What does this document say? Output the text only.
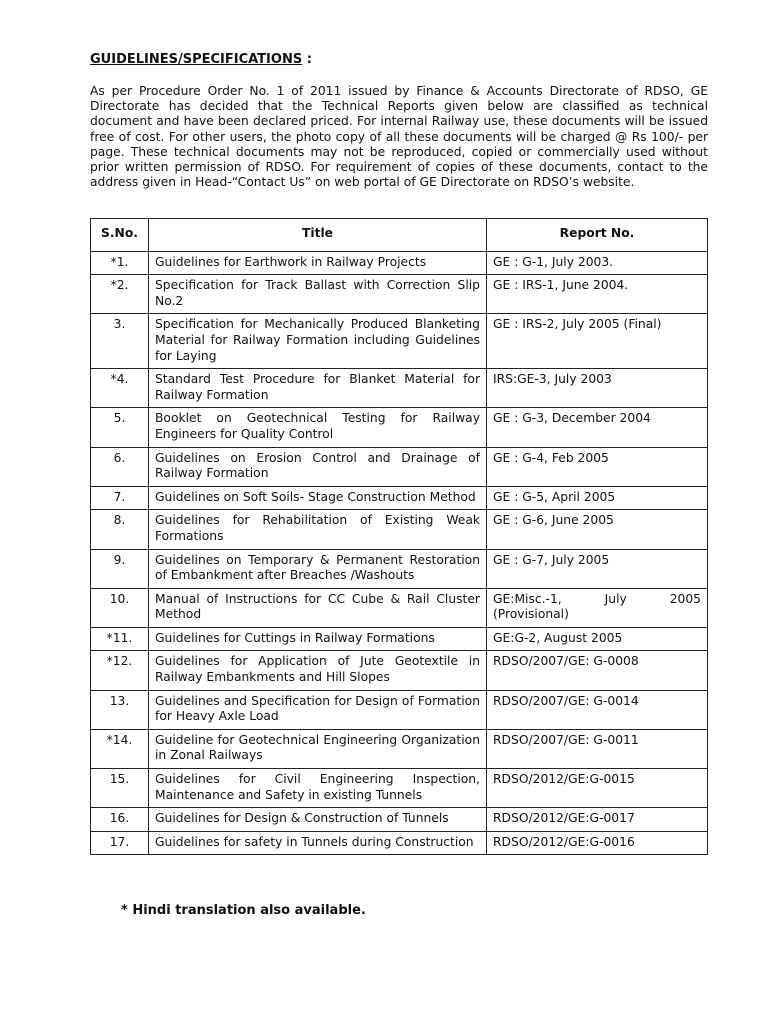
GUIDELINES/SPECIFICATIONS :

As per Procedure Order No. 1 of 2011 issued by Finance & Accounts Directorate of RDSO, GE Directorate has decided that the Technical Reports given below are classified as technical document and have been declared priced. For internal Railway use, these documents will be issued free of cost. For other users, the photo copy of all these documents will be charged @ Rs 100/- per page. These technical documents may not be reproduced, copied or commercially used without prior written permission of RDSO. For requirement of copies of these documents, contact to the address given in Head-“Contact Us” on web portal of GE Directorate on RDSO’s website.

S.No.	Title	Report No.
*1.	Guidelines for Earthwork in Railway Projects	GE : G-1, July 2003.
*2.	Specification for Track Ballast with Correction Slip No.2	GE : IRS-1, June 2004.
3.	Specification for Mechanically Produced Blanketing Material for Railway Formation including Guidelines for Laying	GE : IRS-2, July 2005 (Final)
*4.	Standard Test Procedure for Blanket Material for Railway Formation	IRS:GE-3, July 2003
5.	Booklet on Geotechnical Testing for Railway Engineers for Quality Control	GE : G-3, December 2004
6.	Guidelines on Erosion Control and Drainage of Railway Formation	GE : G-4, Feb 2005
7.	Guidelines on Soft Soils- Stage Construction Method	GE : G-5, April 2005
8.	Guidelines for Rehabilitation of Existing Weak Formations	GE : G-6, June 2005
9.	Guidelines on Temporary & Permanent Restoration of Embankment after Breaches /Washouts	GE : G-7, July 2005
10.	Manual of Instructions for CC Cube & Rail Cluster Method	GE:Misc.-1, July 2005 (Provisional)
*11.	Guidelines for Cuttings in Railway Formations	GE:G-2, August 2005
*12.	Guidelines for Application of Jute Geotextile in Railway Embankments and Hill Slopes	RDSO/2007/GE: G-0008
13.	Guidelines and Specification for Design of Formation for Heavy Axle Load	RDSO/2007/GE: G-0014
*14.	Guideline for Geotechnical Engineering Organization in Zonal Railways	RDSO/2007/GE: G-0011
15.	Guidelines for Civil Engineering Inspection, Maintenance and Safety in existing Tunnels	RDSO/2012/GE:G-0015
16.	Guidelines for Design & Construction of Tunnels	RDSO/2012/GE:G-0017
17.	Guidelines for safety in Tunnels during Construction	RDSO/2012/GE:G-0016
* Hindi translation also available.
